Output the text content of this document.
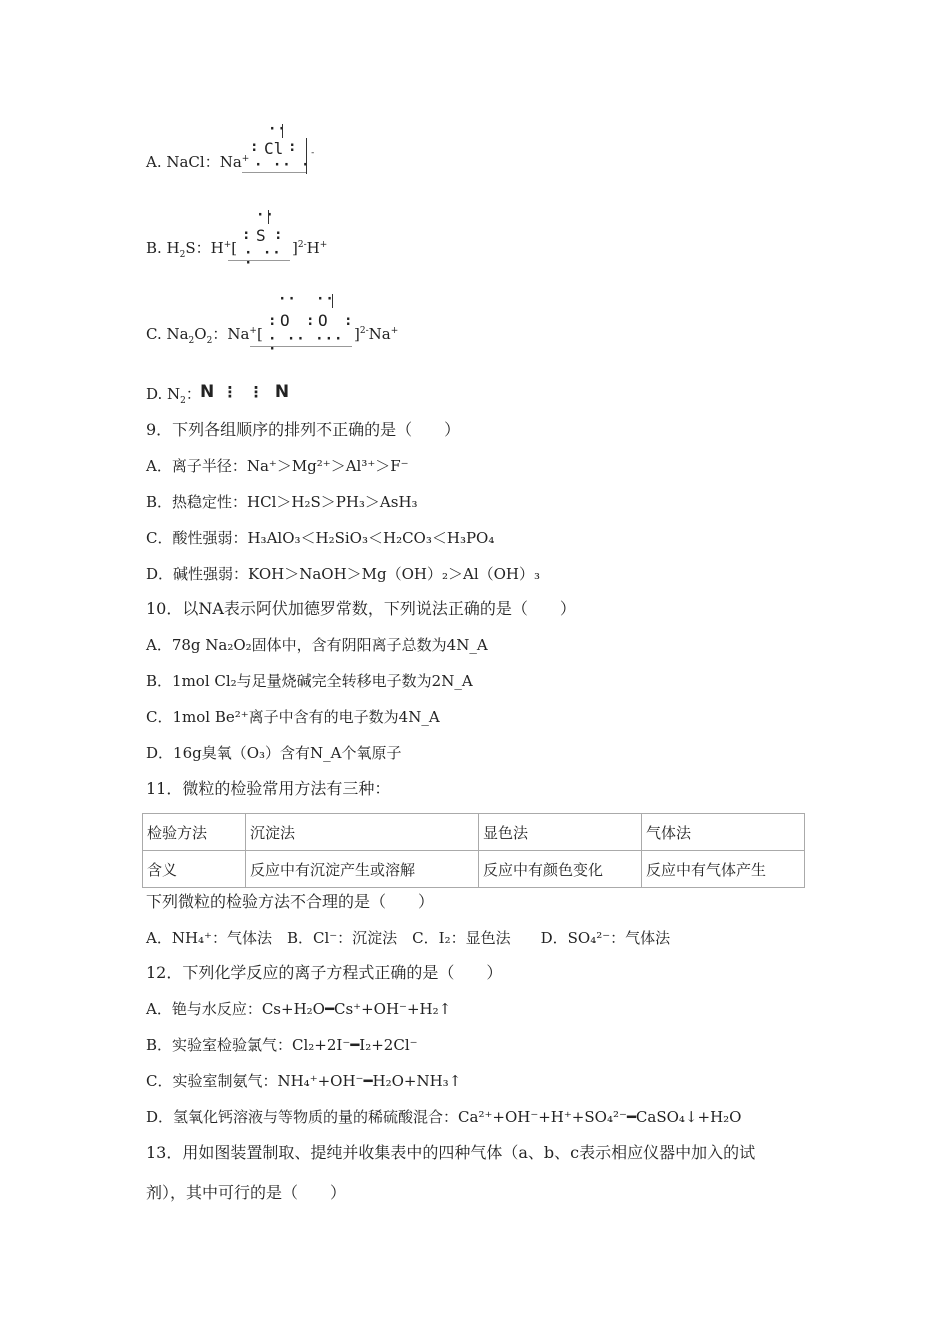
A. NaCl：Na+
··
: Cl :
· ·· ·
-
B. $H_2S$：H+[
··
: S :
· ·· ·
]$^{2-}$H+
C. $Na_2O_2$：Na+[
·· ··
: O : O :
· ·· ··· ·
]$^{2-}$Na+
D. $N_2$： N ⋮ ⋮ N
9．下列各组顺序的排列不正确的是（　　）
A．离子半径：Na⁺＞Mg²⁺＞Al³⁺＞F⁻
B．热稳定性：HCl＞H₂S＞PH₃＞AsH₃
C．酸性强弱：H₃AlO₃＜H₂SiO₃＜H₂CO₃＜H₃PO₄
D．碱性强弱：KOH＞NaOH＞Mg（OH）₂＞Al（OH）₃
10．以NA表示阿伏加德罗常数，下列说法正确的是（　　）
A．78g Na₂O₂固体中，含有阴阳离子总数为4N_A
B．1mol Cl₂与足量烧碱完全转移电子数为2N_A
C．1mol Be²⁺离子中含有的电子数为4N_A
D．16g臭氧（O₃）含有N_A个氧原子
11．微粒的检验常用方法有三种：
检验方法	沉淀法	显色法	气体法
含义	反应中有沉淀产生或溶解	反应中有颜色变化	反应中有气体产生
下列微粒的检验方法不合理的是（　　）
A．NH₄⁺：气体法　B．Cl⁻：沉淀法　C．I₂：显色法　　D．SO₄²⁻：气体法
12．下列化学反应的离子方程式正确的是（　　）
A．铯与水反应：Cs+H₂O━Cs⁺+OH⁻+H₂↑
B．实验室检验氯气：Cl₂+2I⁻━I₂+2Cl⁻
C．实验室制氨气：NH₄⁺+OH⁻━H₂O+NH₃↑
D．氢氧化钙溶液与等物质的量的稀硫酸混合：Ca²⁺+OH⁻+H⁺+SO₄²⁻━CaSO₄↓+H₂O
13．用如图装置制取、提纯并收集表中的四种气体（a、b、c表示相应仪器中加入的试
剂），其中可行的是（　　）
